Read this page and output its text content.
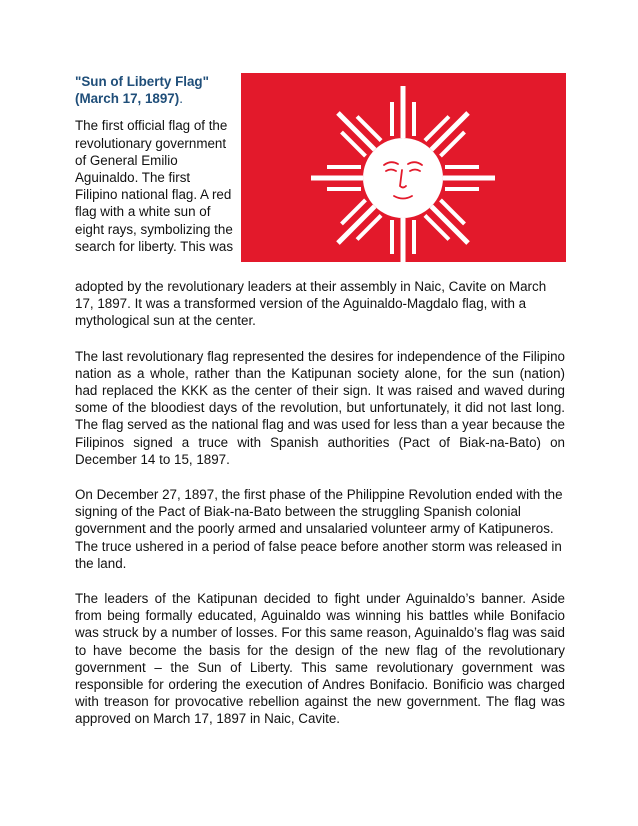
"Sun of Liberty Flag"
(March 17, 1897).

The first official flag of the revolutionary government of General Emilio Aguinaldo. The first Filipino national flag. A red flag with a white sun of eight rays, symbolizing the search for liberty. This was

adopted by the revolutionary leaders at their assembly in Naic, Cavite on March 17, 1897. It was a transformed version of the Aguinaldo-Magdalo flag, with a mythological sun at the center.

The last revolutionary flag represented the desires for independence of the Filipino nation as a whole, rather than the Katipunan society alone, for the sun (nation) had replaced the KKK as the center of their sign. It was raised and waved during some of the bloodiest days of the revolution, but unfortunately, it did not last long. The flag served as the national flag and was used for less than a year because the Filipinos signed a truce with Spanish authorities (Pact of Biak-na-Bato) on December 14 to 15, 1897.

On December 27, 1897, the first phase of the Philippine Revolution ended with the signing of the Pact of Biak-na-Bato between the struggling Spanish colonial government and the poorly armed and unsalaried volunteer army of Katipuneros. The truce ushered in a period of false peace before another storm was released in the land.

The leaders of the Katipunan decided to fight under Aguinaldo’s banner. Aside from being formally educated, Aguinaldo was winning his battles while Bonifacio was struck by a number of losses. For this same reason, Aguinaldo’s flag was said to have become the basis for the design of the new flag of the revolutionary government – the Sun of Liberty. This same revolutionary government was responsible for ordering the execution of Andres Bonifacio. Bonificio was charged with treason for provocative rebellion against the new government. The flag was approved on March 17, 1897 in Naic, Cavite.
